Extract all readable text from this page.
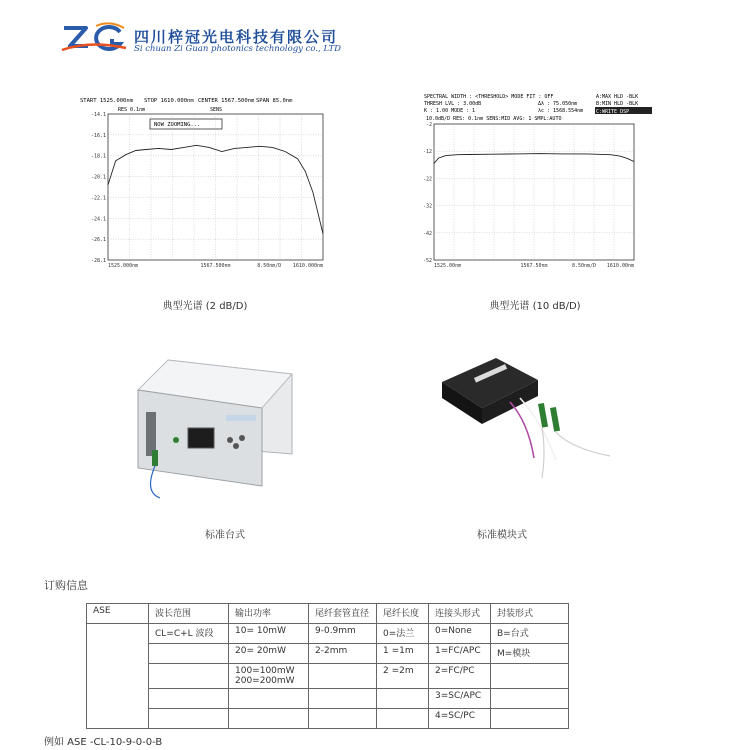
四川梓冠光电科技有限公司
Si chuan Zi Guan photonics technology co., LTD
START 1525.000nm STOP 1610.000nm CENTER 1567.500nm SPAN 85.0nm
RES 0.1nm	SENS
NOW ZOOMING...
-14.1
-16.1
-18.1
-20.1
-22.1
-24.1
-26.1
-28.1
1525.000nm	1567.500nm	8.50nm/D 1610.000nm
典型光谱 (2 dB/D)
SPECTRAL WIDTH : <THRESHOLD> MODE FIT : OFF
THRESH LVL : 3.00dB	Δλ : 75.050nm
K : 1.00 MODE : 1	λc : 1568.554nm
A:MAX HLD -BLK
B:MIN HLD -BLK
C:WRITE DSP
10.0dB/D RES: 0.1nm SENS:MID AVG: 1 SMPL:AUTO
-2
-12
-22
-32
-42
-52
1525.00nm	1567.50nm	8.50nm/D 1610.00nm
典型光谱 (10 dB/D)
标准台式	标准模块式
订购信息
ASE	波长范围	输出功率	尾纤套管直径	尾纤长度	连接头形式	封装形式
	CL=C+L 波段	10= 10mW	9-0.9mm	0=法兰	0=None	B=台式
		20= 20mW	2-2mm	1 =1m	1=FC/APC	M=模块
		100=100mW
200=200mW		2 =2m	2=FC/PC	
					3=SC/APC	
					4=SC/PC	
例如 ASE -CL-10-9-0-0-B
